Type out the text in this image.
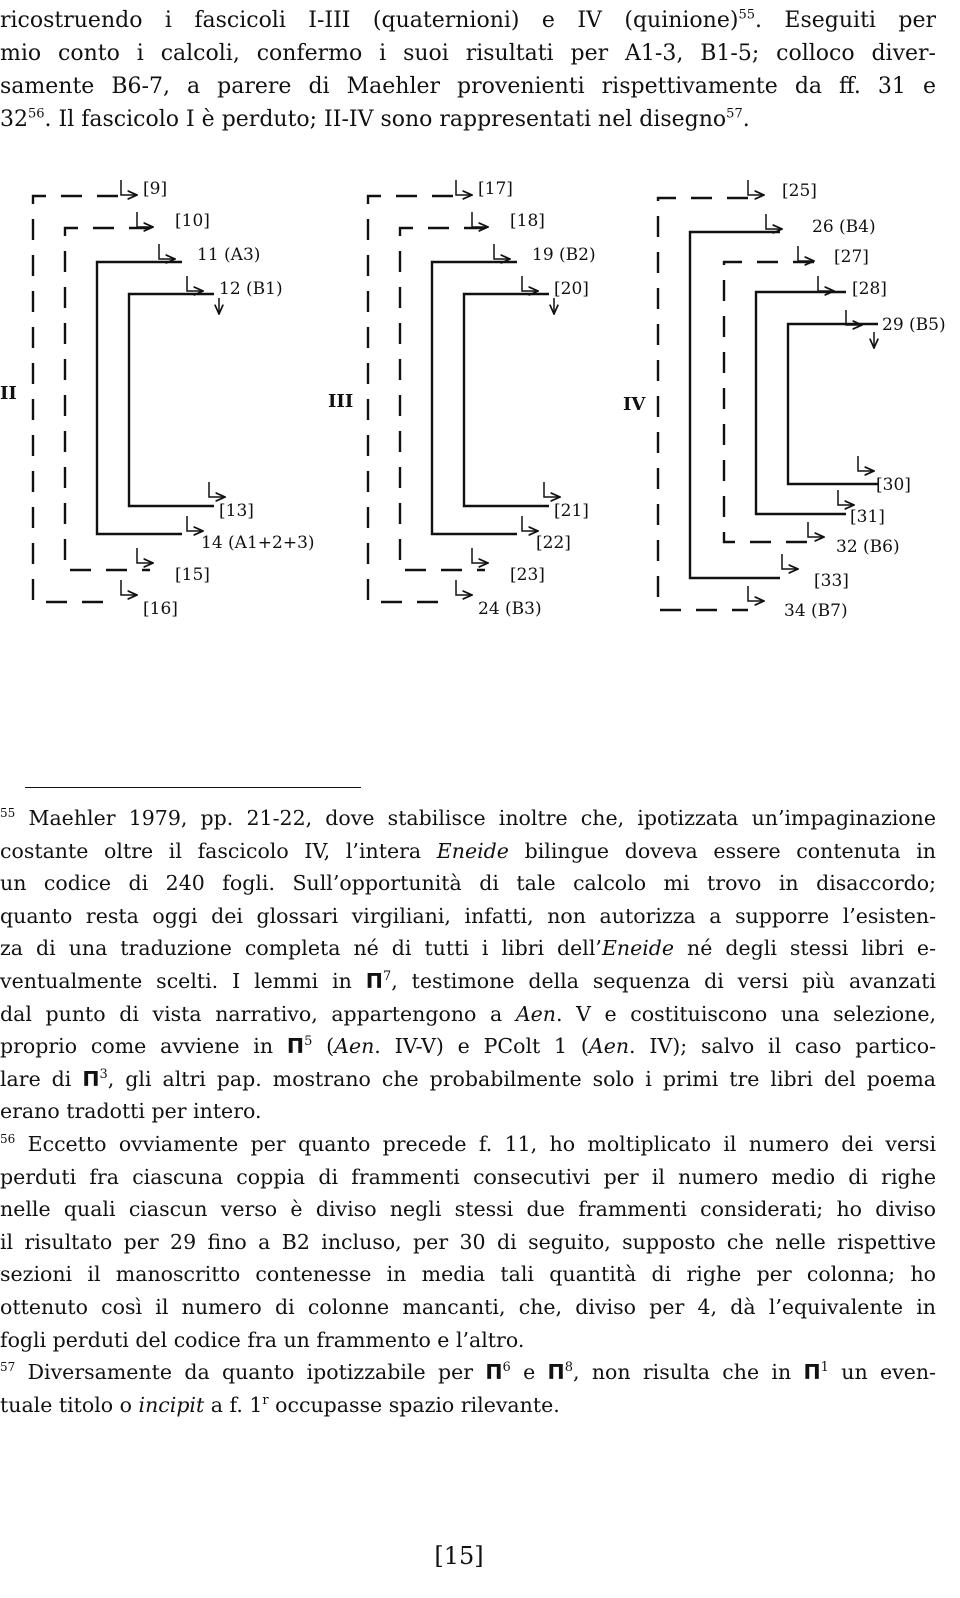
ricostruendo i fascicoli I-III (quaternioni) e IV (quinione)$^{55}$. Eseguiti per
mio conto i calcoli, confermo i suoi risultati per A1-3, B1-5; colloco diver-
samente B6-7, a parere di Maehler provenienti rispettivamente da ff. 31 e
$32^{56}$. Il fascicolo I è perduto; II-IV sono rappresentati nel disegno$^{57}$.
[9]
[10]
11 (A3)
12 (B1)
[13]
14 (A1+2+3)
[15]
[16]
II
[17]
[18]
19 (B2)
[20]
[21]
[22]
[23]
24 (B3)
III
[25]
26 (B4)
[27]
[28]
29 (B5)
[30]
[31]
32 (B6)
[33]
34 (B7)
IV
$^{55}$ Maehler 1979, pp. 21-22, dove stabilisce inoltre che, ipotizzata un’impaginazione
costante oltre il fascicolo IV, l’intera Eneide bilingue doveva essere contenuta in
un codice di 240 fogli. Sull’opportunità di tale calcolo mi trovo in disaccordo;
quanto resta oggi dei glossari virgiliani, infatti, non autorizza a supporre l’esisten-
za di una traduzione completa né di tutti i libri dell’Eneide né degli stessi libri e-
ventualmente scelti. I lemmi in $\Pi^7$, testimone della sequenza di versi più avanzati
dal punto di vista narrativo, appartengono a Aen. V e costituiscono una selezione,
proprio come avviene in $\Pi^5$ (Aen. IV-V) e PColt 1 (Aen. IV); salvo il caso partico-
lare di $\Pi^3$, gli altri pap. mostrano che probabilmente solo i primi tre libri del poema
erano tradotti per intero.
$^{56}$ Eccetto ovviamente per quanto precede f. 11, ho moltiplicato il numero dei versi
perduti fra ciascuna coppia di frammenti consecutivi per il numero medio di righe
nelle quali ciascun verso è diviso negli stessi due frammenti considerati; ho diviso
il risultato per 29 fino a B2 incluso, per 30 di seguito, supposto che nelle rispettive
sezioni il manoscritto contenesse in media tali quantità di righe per colonna; ho
ottenuto così il numero di colonne mancanti, che, diviso per 4, dà l’equivalente in
fogli perduti del codice fra un frammento e l’altro.
$^{57}$ Diversamente da quanto ipotizzabile per $\Pi^6$ e $\Pi^8$, non risulta che in $\Pi^1$ un even-
tuale titolo o incipit a f. 1$^r$ occupasse spazio rilevante.
[15]
